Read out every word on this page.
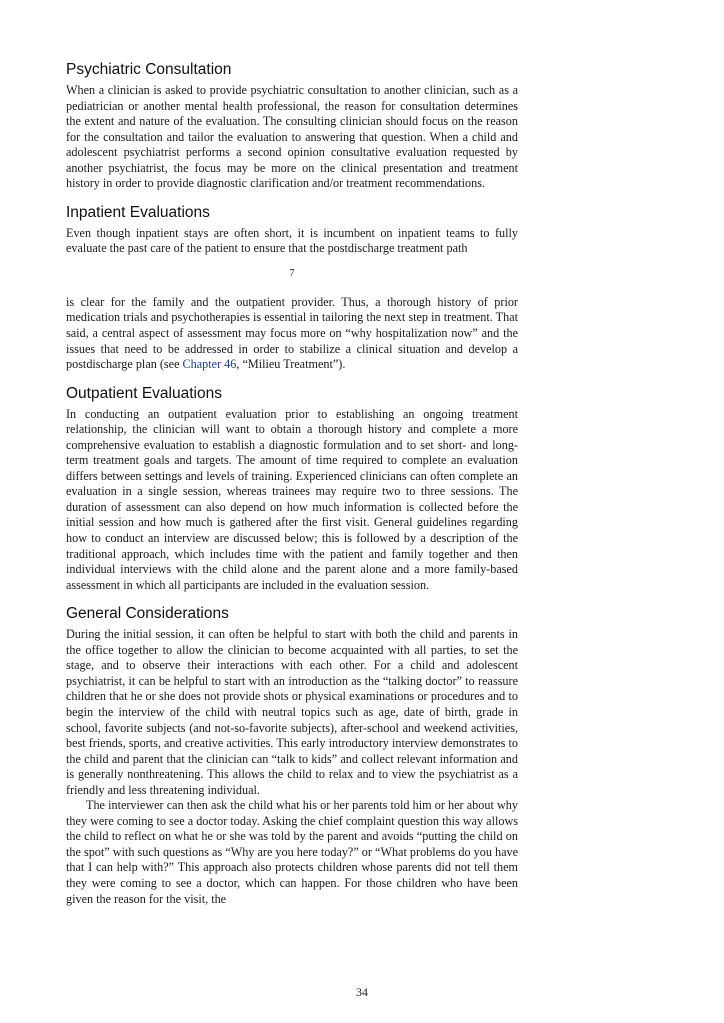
Psychiatric Consultation

When a clinician is asked to provide psychiatric consultation to another clinician, such as a pediatrician or another mental health professional, the reason for consultation determines the extent and nature of the evaluation. The consulting clinician should focus on the reason for the consultation and tailor the evaluation to answering that question. When a child and adolescent psychiatrist performs a second opinion consultative evaluation requested by another psychiatrist, the focus may be more on the clinical presentation and treatment history in order to provide diagnostic clarification and/or treatment recommendations.

Inpatient Evaluations

Even though inpatient stays are often short, it is incumbent on inpatient teams to fully evaluate the past care of the patient to ensure that the postdischarge treatment path

7

is clear for the family and the outpatient provider. Thus, a thorough history of prior medication trials and psychotherapies is essential in tailoring the next step in treatment. That said, a central aspect of assessment may focus more on “why hospitalization now” and the issues that need to be addressed in order to stabilize a clinical situation and develop a postdischarge plan (see Chapter 46, “Milieu Treatment”).

Outpatient Evaluations

In conducting an outpatient evaluation prior to establishing an ongoing treatment relationship, the clinician will want to obtain a thorough history and complete a more comprehensive evaluation to establish a diagnostic formulation and to set short- and long-term treatment goals and targets. The amount of time required to complete an evaluation differs between settings and levels of training. Experienced clinicians can often complete an evaluation in a single session, whereas trainees may require two to three sessions. The duration of assessment can also depend on how much information is collected before the initial session and how much is gathered after the first visit. General guidelines regarding how to conduct an interview are discussed below; this is followed by a description of the traditional approach, which includes time with the patient and family together and then individual interviews with the child alone and the parent alone and a more family-based assessment in which all participants are included in the evaluation session.

General Considerations

During the initial session, it can often be helpful to start with both the child and parents in the office together to allow the clinician to become acquainted with all parties, to set the stage, and to observe their interactions with each other. For a child and adolescent psychiatrist, it can be helpful to start with an introduction as the “talking doctor” to reassure children that he or she does not provide shots or physical examinations or procedures and to begin the interview of the child with neutral topics such as age, date of birth, grade in school, favorite subjects (and not-so-favorite subjects), after-school and weekend activities, best friends, sports, and creative activities. This early introductory interview demonstrates to the child and parent that the clinician can “talk to kids” and collect relevant information and is generally nonthreatening. This allows the child to relax and to view the psychiatrist as a friendly and less threatening individual.

The interviewer can then ask the child what his or her parents told him or her about why they were coming to see a doctor today. Asking the chief complaint question this way allows the child to reflect on what he or she was told by the parent and avoids “putting the child on the spot” with such questions as “Why are you here today?” or “What problems do you have that I can help with?” This approach also protects children whose parents did not tell them they were coming to see a doctor, which can happen. For those children who have been given the reason for the visit, the

34
